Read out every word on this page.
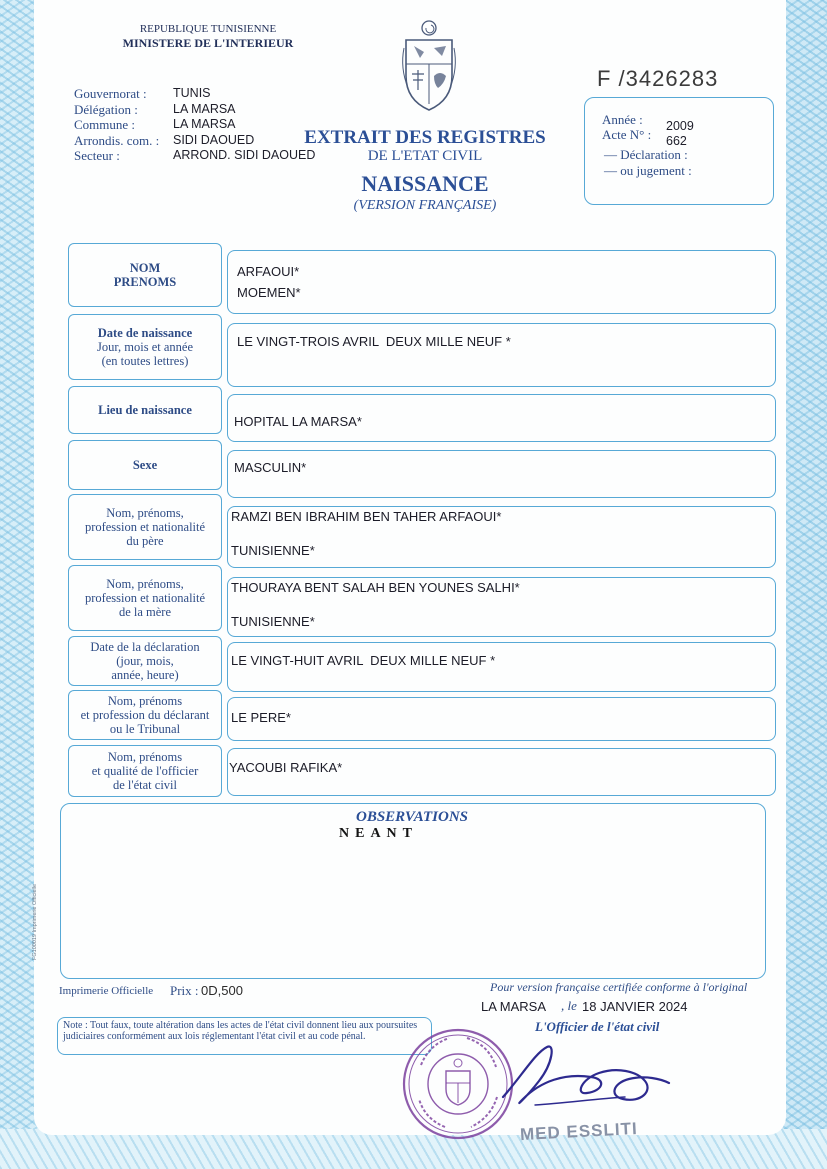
REPUBLIQUE TUNISIENNE
MINISTERE DE L'INTERIEUR
F /3426283
Gouvernorat :
Délégation :
Commune :
Arrondis. com. :
Secteur :
TUNIS
LA MARSA
LA MARSA
SIDI DAOUED
ARROND. SIDI DAOUED
EXTRAIT DES REGISTRES
DE L'ETAT CIVIL
NAISSANCE
(VERSION FRANÇAISE)
Année :
Acte N° :
2009
662
— Déclaration :
— ou jugement :
NOM
PRENOMS
ARFAOUI*
MOEMEN*
Date de naissance
Jour, mois et année
(en toutes lettres)
LE VINGT-TROIS AVRIL  DEUX MILLE NEUF *
Lieu de naissance
HOPITAL LA MARSA*
Sexe	MASCULIN*
Nom, prénoms,
profession et nationalité
du père
RAMZI BEN IBRAHIM BEN TAHER ARFAOUI*
TUNISIENNE*
Nom, prénoms,
profession et nationalité
de la mère
THOURAYA BENT SALAH BEN YOUNES SALHI*
TUNISIENNE*
Date de la déclaration
(jour, mois,
année, heure)
LE VINGT-HUIT AVRIL  DEUX MILLE NEUF *
Nom, prénoms
et profession du déclarant
ou le Tribunal
LE PERE*
Nom, prénoms
et qualité de l'officier
de l'état civil
YACOUBI RAFIKA*
OBSERVATIONS
NEANT
FG100019 Imprimerie Officielle
Imprimerie Officielle Prix : 0D,500	Pour version française certifiée conforme à l'original
LA MARSA , le 18 JANVIER 2024
L'Officier de l'état civil
Note : Tout faux, toute altération dans les actes de l'état civil donnent lieu aux poursuites judiciaires conformément aux lois réglementant l'état civil et au code pénal.
MED ESSLITI
